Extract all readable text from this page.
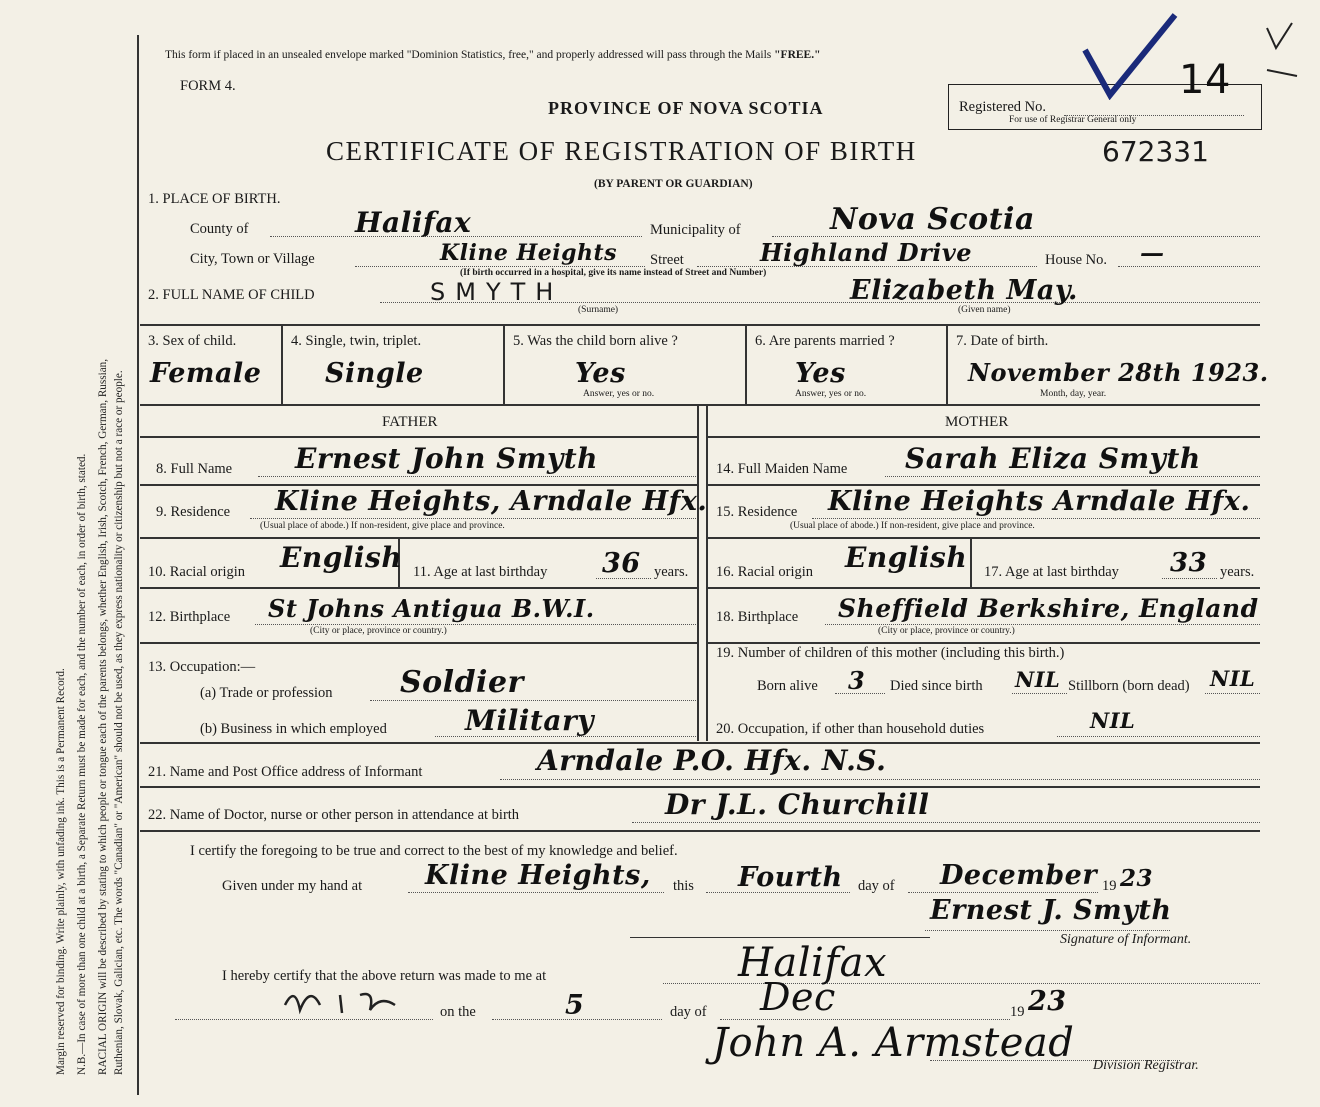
Margin reserved for binding. Write plainly, with unfading ink. This is a Permanent Record. N.B.—In case of more than one child at a birth, a Separate Return must be made for each, and the number of each, in order of birth, stated. RACIAL ORIGIN will be described by stating to which people or tongue each of the parents belongs, whether English, Irish, Scotch, French, German, Russian, Ruthenian, Slovak, Galician, etc. The words "Canadian" or "American" should not be used, as they express nationality or citizenship but not a race or people.
This form if placed in an unsealed envelope marked "Dominion Statistics, free," and properly addressed will pass through the Mails "FREE."
FORM 4.
PROVINCE OF NOVA SCOTIA	Registered No.
For use of Registrar General only
14
CERTIFICATE OF REGISTRATION OF BIRTH	672331
(BY PARENT OR GUARDIAN)
1. PLACE OF BIRTH.
County of	Halifax	Municipality of	Nova Scotia
City, Town or Village	Kline Heights Street	Highland Drive	House No. —
(If birth occurred in a hospital, give its name instead of Street and Number)
2. FULL NAME OF CHILD	SMYTH
(Surname)
Elizabeth May.
(Given name)
3. Sex of child.
Female
4. Single, twin, triplet.
Single
5. Was the child born alive ?
Yes
Answer, yes or no.
6. Are parents married ?
Yes
Answer, yes or no.
7. Date of birth.
November 28th 1923.
Month, day, year.
FATHER	MOTHER
8. Full Name Ernest John Smyth
9. Residence Kline Heights, Arndale Hfx.
(Usual place of abode.) If non-resident, give place and province.
10. Racial origin English 11. Age at last birthday 36 years.
12. Birthplace St Johns Antigua B.W.I.
(City or place, province or country.)
13. Occupation:—
(a) Trade or profession Soldier
(b) Business in which employed	Military
14. Full Maiden Name Sarah Eliza Smyth
15. Residence Kline Heights Arndale Hfx.
(Usual place of abode.) If non-resident, give place and province.
16. Racial origin English 17. Age at last birthday 33 years.
18. Birthplace Sheffield Berkshire, England
(City or place, province or country.)
19. Number of children of this mother (including this birth.)
Born alive 3 Died since birth NIL Stillborn (born dead) NIL
20. Occupation, if other than household duties	NIL
21. Name and Post Office address of Informant	Arndale P.O. Hfx. N.S.
22. Name of Doctor, nurse or other person in attendance at birth	Dr J.L. Churchill
I certify the foregoing to be true and correct to the best of my knowledge and belief.
Given under my hand at Kline Heights, this Fourth day of December 19 23
Ernest J. Smyth
Signature of Informant.
I hereby certify that the above return was made to me at	Halifax
on the	5	day of Dec	19 23
John A. Armstead Division Registrar.
